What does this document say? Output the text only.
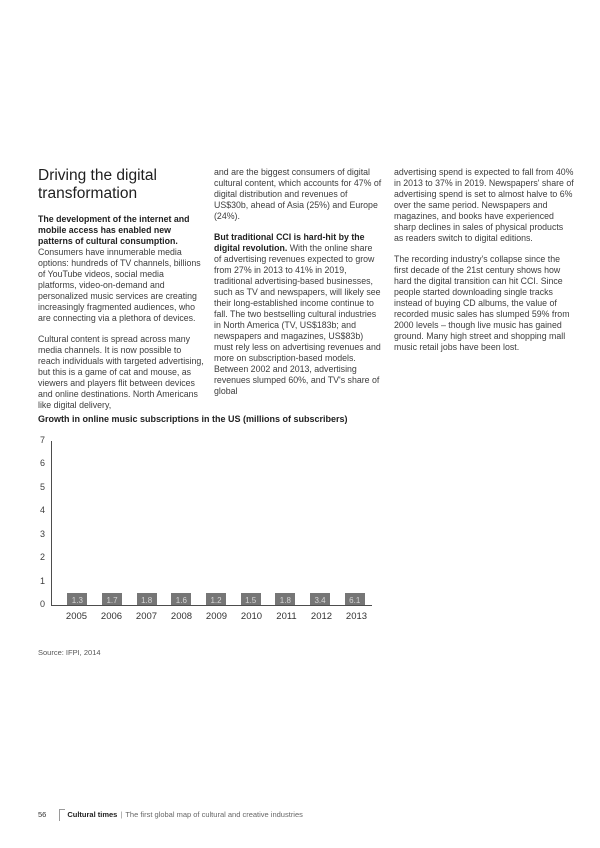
Driving the digital transformation

The development of the internet and mobile access has enabled new patterns of cultural consumption. Consumers have innumerable media options: hundreds of TV channels, billions of YouTube videos, social media platforms, video-on-demand and personalized music services are creating increasingly fragmented audiences, who are connecting via a plethora of devices.

Cultural content is spread across many media channels. It is now possible to reach individuals with targeted advertising, but this is a game of cat and mouse, as viewers and players flit between devices and online destinations. North Americans like digital delivery,

and are the biggest consumers of digital cultural content, which accounts for 47% of digital distribution and revenues of US$30b, ahead of Asia (25%) and Europe (24%).

But traditional CCI is hard-hit by the digital revolution. With the online share of advertising revenues expected to grow from 27% in 2013 to 41% in 2019, traditional advertising-based businesses, such as TV and newspapers, will likely see their long-established income continue to fall. The two bestselling cultural industries in North America (TV, US$183b; and newspapers and magazines, US$83b) must rely less on advertising revenues and more on subscription-based models. Between 2002 and 2013, advertising revenues slumped 60%, and TV's share of global

advertising spend is expected to fall from 40% in 2013 to 37% in 2019. Newspapers' share of advertising spend is set to almost halve to 6% over the same period. Newspapers and magazines, and books have experienced sharp declines in sales of physical products as readers switch to digital editions.

The recording industry's collapse since the first decade of the 21st century shows how hard the digital transition can hit CCI. Since people started downloading single tracks instead of buying CD albums, the value of recorded music sales has slumped 59% from 2000 levels – though live music has gained ground. Many high street and shopping mall music retail jobs have been lost.

Growth in online music subscriptions in the US (millions of subscribers)
0
1
2
3
4
5
6
7
1.3	1.7	1.8	1.6	1.2	1.5	1.8	3.4	6.1
2005	2006	2007	2008	2009	2010	2011	2012	2013
Source: IFPI, 2014
56	Cultural times | The first global map of cultural and creative industries
